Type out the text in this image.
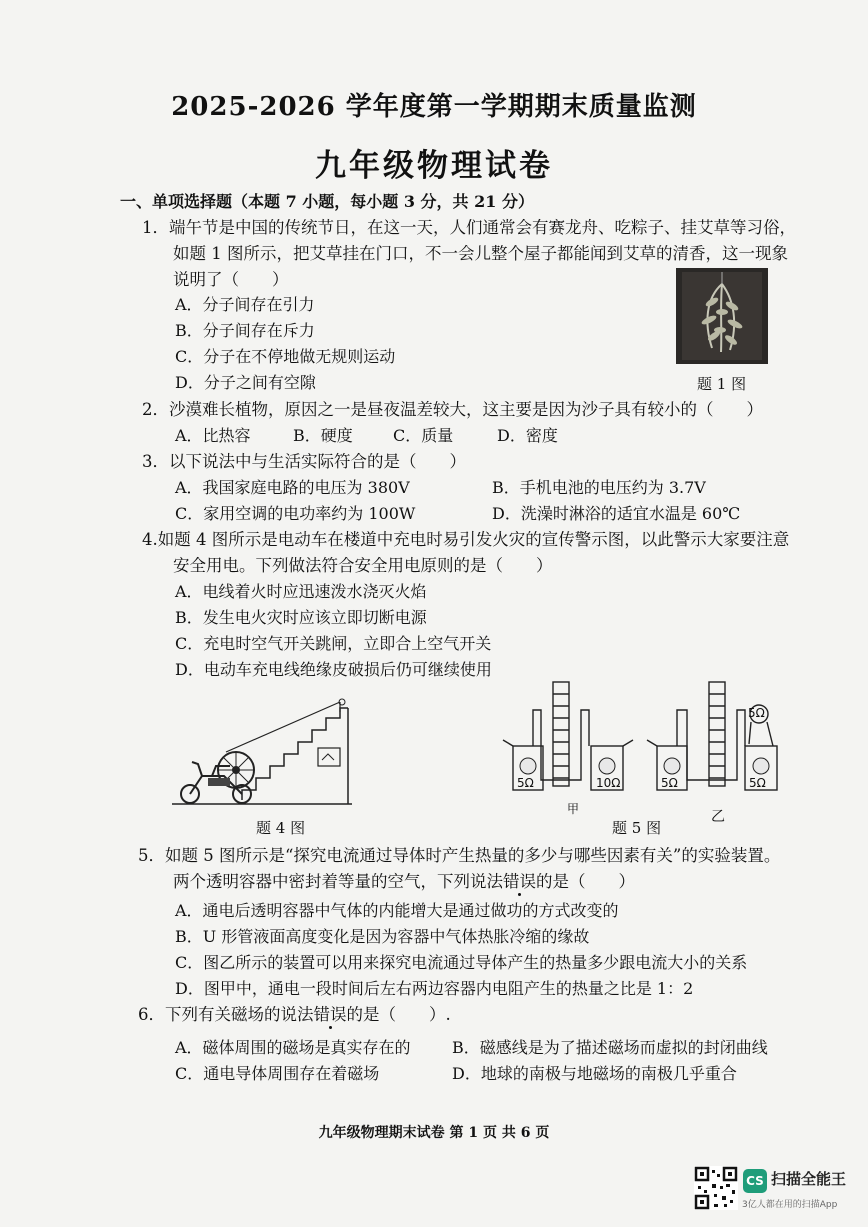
2025-2026 学年度第一学期期末质量监测
九年级物理试卷
一、单项选择题（本题 7 小题，每小题 3 分，共 21 分）
1．端午节是中国的传统节日，在这一天，人们通常会有赛龙舟、吃粽子、挂艾草等习俗，
如题 1 图所示，把艾草挂在门口，不一会儿整个屋子都能闻到艾草的清香，这一现象
说明了（　　）
A．分子间存在引力
B．分子间存在斥力
C．分子在不停地做无规则运动
D．分子之间有空隙	题 1 图
2．沙漠难长植物，原因之一是昼夜温差较大，这主要是因为沙子具有较小的（　　）
A．比热容	B．硬度	C．质量	D．密度
3．以下说法中与生活实际符合的是（　　）
A．我国家庭电路的电压为 380V	B．手机电池的电压约为 3.7V
C．家用空调的电功率约为 100W	D．洗澡时淋浴的适宜水温是 60℃
4.如题 4 图所示是电动车在楼道中充电时易引发火灾的宣传警示图，以此警示大家要注意
安全用电。下列做法符合安全用电原则的是（　　）
A．电线着火时应迅速泼水浇灭火焰
B．发生电火灾时应该立即切断电源
C．充电时空气开关跳闸，立即合上空气开关
D．电动车充电线绝缘皮破损后仍可继续使用
题 4 图
5Ω	10Ω	5Ω	5Ω
5Ω
甲	乙
题 5 图
5．如题 5 图所示是“探究电流通过导体时产生热量的多少与哪些因素有关”的实验装置。
两个透明容器中密封着等量的空气，下列说法错误的是（　　）
A．通电后透明容器中气体的内能增大是通过做功的方式改变的
B．U 形管液面高度变化是因为容器中气体热胀冷缩的缘故
C．图乙所示的装置可以用来探究电流通过导体产生的热量多少跟电流大小的关系
D．图甲中，通电一段时间后左右两边容器内电阻产生的热量之比是 1：2
6．下列有关磁场的说法错误的是（　　）.
A．磁体周围的磁场是真实存在的	B．磁感线是为了描述磁场而虚拟的封闭曲线
C．通电导体周围存在着磁场	D．地球的南极与地磁场的南极几乎重合
九年级物理期末试卷 第 1 页 共 6 页
CS 扫描全能王
3亿人都在用的扫描App
